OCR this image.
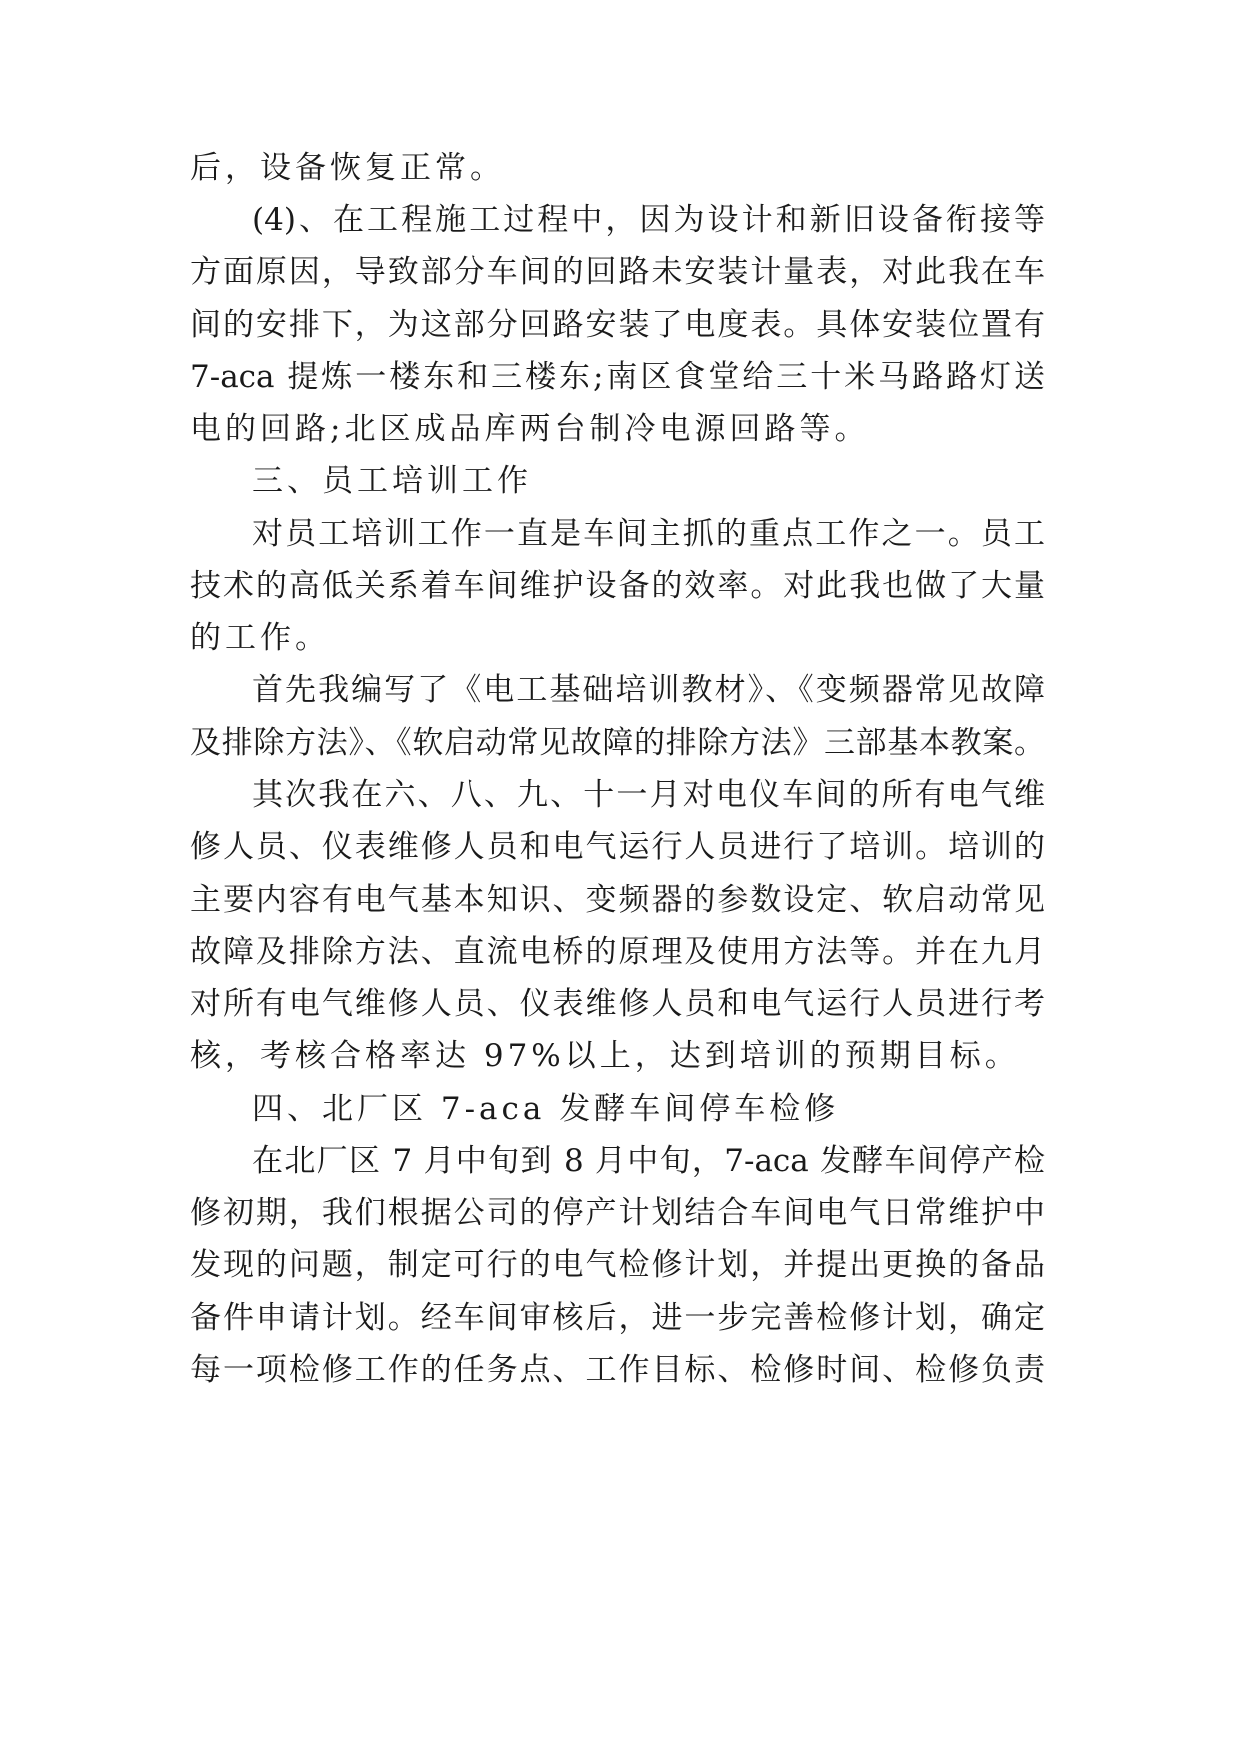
后，设备恢复正常。
(4)、在工程施工过程中，因为设计和新旧设备衔接等
方面原因，导致部分车间的回路未安装计量表，对此我在车
间的安排下，为这部分回路安装了电度表。具体安装位置有
7-aca 提炼一楼东和三楼东;南区食堂给三十米马路路灯送
电的回路;北区成品库两台制冷电源回路等。
三、员工培训工作
对员工培训工作一直是车间主抓的重点工作之一。员工
技术的高低关系着车间维护设备的效率。对此我也做了大量
的工作。
首先我编写了《电工基础培训教材》、《变频器常见故障
及排除方法》、《软启动常见故障的排除方法》三部基本教案。
其次我在六、八、九、十一月对电仪车间的所有电气维
修人员、仪表维修人员和电气运行人员进行了培训。培训的
主要内容有电气基本知识、变频器的参数设定、软启动常见
故障及排除方法、直流电桥的原理及使用方法等。并在九月
对所有电气维修人员、仪表维修人员和电气运行人员进行考
核，考核合格率达 97%以上，达到培训的预期目标。
四、北厂区 7-aca 发酵车间停车检修
在北厂区 7 月中旬到 8 月中旬，7-aca 发酵车间停产检
修初期，我们根据公司的停产计划结合车间电气日常维护中
发现的问题，制定可行的电气检修计划，并提出更换的备品
备件申请计划。经车间审核后，进一步完善检修计划，确定
每一项检修工作的任务点、工作目标、检修时间、检修负责
